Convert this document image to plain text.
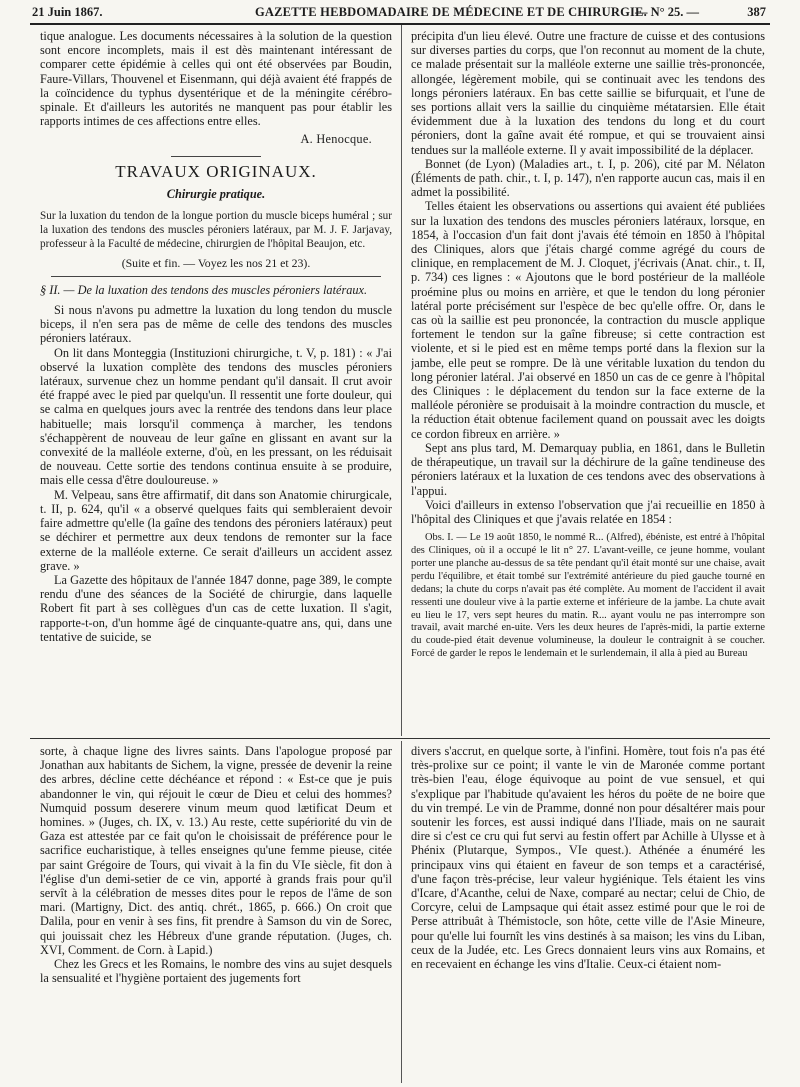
21 Juin 1867.	GAZETTE HEBDOMADAIRE DE MÉDECINE ET DE CHIRURGIE.
— N° 25. —	387

tique analogue. Les documents nécessaires à la solution de la question sont encore incomplets, mais il est dès maintenant intéressant de comparer cette épidémie à celles qui ont été observées par Boudin, Faure-Villars, Thouvenel et Eisenmann, qui déjà avaient été frappés de la coïncidence du typhus dysentérique et de la méningite cérébro-spinale. Et d'ailleurs les autorités ne manquent pas pour établir les rapports intimes de ces affections entre elles.

A. Henocque.

TRAVAUX ORIGINAUX.
Chirurgie pratique.

Sur la luxation du tendon de la longue portion du muscle biceps huméral ; sur la luxation des tendons des muscles péroniers latéraux, par M. J. F. Jarjavay, professeur à la Faculté de médecine, chirurgien de l'hôpital Beaujon, etc.

(Suite et fin. — Voyez les nos 21 et 23).

§ II. — De la luxation des tendons des muscles péroniers latéraux.

Si nous n'avons pu admettre la luxation du long tendon du muscle biceps, il n'en sera pas de même de celle des tendons des muscles péroniers latéraux.

On lit dans Monteggia (Instituzioni chirurgiche, t. V, p. 181) : « J'ai observé la luxation complète des tendons des muscles péroniers latéraux, survenue chez un homme pendant qu'il dansait. Il crut avoir été frappé avec le pied par quelqu'un. Il ressentit une forte douleur, qui se calma en quelques jours avec la rentrée des tendons dans leur place habituelle; mais lorsqu'il commença à marcher, les tendons s'échappèrent de nouveau de leur gaîne en glissant en avant sur la convexité de la malléole externe, d'où, en les pressant, on les réduisait de nouveau. Cette sortie des tendons continua ensuite à se produire, mais elle cessa d'être douloureuse. »

M. Velpeau, sans être affirmatif, dit dans son Anatomie chirurgicale, t. II, p. 624, qu'il « a observé quelques faits qui sembleraient devoir faire admettre qu'elle (la gaîne des tendons des péroniers latéraux) peut se déchirer et permettre aux deux tendons de remonter sur la face externe de la malléole externe. Ce serait d'ailleurs un accident assez grave. »

La Gazette des hôpitaux de l'année 1847 donne, page 389, le compte rendu d'une des séances de la Société de chirurgie, dans laquelle Robert fit part à ses collègues d'un cas de cette luxation. Il s'agit, rapporte-t-on, d'un homme âgé de cinquante-quatre ans, qui, dans une tentative de suicide, se

précipita d'un lieu élevé. Outre une fracture de cuisse et des contusions sur diverses parties du corps, que l'on reconnut au moment de la chute, ce malade présentait sur la malléole externe une saillie très-prononcée, allongée, légèrement mobile, qui se continuait avec les tendons des longs péroniers latéraux. En bas cette saillie se bifurquait, et l'une de ses portions allait vers la saillie du cinquième métatarsien. Elle était évidemment due à la luxation des tendons du long et du court péroniers, dont la gaîne avait été rompue, et qui se trouvaient ainsi tendues sur la malléole externe. Il y avait impossibilité de la déplacer.

Bonnet (de Lyon) (Maladies art., t. I, p. 206), cité par M. Nélaton (Éléments de path. chir., t. I, p. 147), n'en rapporte aucun cas, mais il en admet la possibilité.

Telles étaient les observations ou assertions qui avaient été publiées sur la luxation des tendons des muscles péroniers latéraux, lorsque, en 1854, à l'occasion d'un fait dont j'avais été témoin en 1850 à l'hôpital des Cliniques, alors que j'étais chargé comme agrégé du cours de clinique, en remplacement de M. J. Cloquet, j'écrivais (Anat. chir., t. II, p. 734) ces lignes : « Ajoutons que le bord postérieur de la malléole proémine plus ou moins en arrière, et que le tendon du long péronier latéral porte précisément sur l'espèce de bec qu'elle offre. Or, dans le cas où la saillie est peu prononcée, la contraction du muscle applique fortement le tendon sur la gaîne fibreuse; si cette contraction est violente, et si le pied est en même temps porté dans la flexion sur la jambe, elle peut se rompre. De là une véritable luxation du tendon du long péronier latéral. J'ai observé en 1850 un cas de ce genre à l'hôpital des Cliniques : le déplacement du tendon sur la face externe de la malléole péronière se produisait à la moindre contraction du muscle, et la réduction était obtenue facilement quand on poussait avec les doigts ce cordon fibreux en arrière. »

Sept ans plus tard, M. Demarquay publia, en 1861, dans le Bulletin de thérapeutique, un travail sur la déchirure de la gaîne tendineuse des péroniers latéraux et la luxation de ces tendons avec des observations à l'appui.

Voici d'ailleurs in extenso l'observation que j'ai recueillie en 1850 à l'hôpital des Cliniques et que j'avais relatée en 1854 :

Obs. I. — Le 19 août 1850, le nommé R... (Alfred), ébéniste, est entré à l'hôpital des Cliniques, où il a occupé le lit n° 27. L'avant-veille, ce jeune homme, voulant porter une planche au-dessus de sa tête pendant qu'il était monté sur une chaise, avait perdu l'équilibre, et était tombé sur l'extrémité antérieure du pied gauche tourné en dedans; la chute du corps n'avait pas été complète. Au moment de l'accident il avait ressenti une douleur vive à la partie externe et inférieure de la jambe. La chute avait eu lieu le 17, vers sept heures du matin. R... ayant voulu ne pas interrompre son travail, avait marché en-uite. Vers les deux heures de l'après-midi, la partie externe du coude-pied était devenue volumineuse, la douleur le contraignit à se coucher. Forcé de garder le repos le lendemain et le surlendemain, il alla à pied au Bureau

sorte, à chaque ligne des livres saints. Dans l'apologue proposé par Jonathan aux habitants de Sichem, la vigne, pressée de devenir la reine des arbres, décline cette déchéance et répond : « Est-ce que je puis abandonner le vin, qui réjouit le cœur de Dieu et celui des hommes? Numquid possum deserere vinum meum quod lætificat Deum et homines. » (Juges, ch. IX, v. 13.) Au reste, cette supériorité du vin de Gaza est attestée par ce fait qu'on le choisissait de préférence pour le sacrifice eucharistique, à telles enseignes qu'une femme pieuse, citée par saint Grégoire de Tours, qui vivait à la fin du VIe siècle, fit don à l'église d'un demi-setier de ce vin, apporté à grands frais pour qu'il servît à la célébration de messes dites pour le repos de l'âme de son mari. (Martigny, Dict. des antiq. chrét., 1865, p. 666.) On croit que Dalila, pour en venir à ses fins, fit prendre à Samson du vin de Sorec, qui jouissait chez les Hébreux d'une grande réputation. (Juges, ch. XVI, Comment. de Corn. à Lapid.)

Chez les Grecs et les Romains, le nombre des vins au sujet desquels la sensualité et l'hygiène portaient des jugements fort

divers s'accrut, en quelque sorte, à l'infini. Homère, tout fois n'a pas été très-prolixe sur ce point; il vante le vin de Maronée comme portant très-bien l'eau, éloge équivoque au point de vue sensuel, et qui s'explique par l'habitude qu'avaient les héros du poëte de ne boire que du vin trempé. Le vin de Pramme, donné non pour désaltérer mais pour soutenir les forces, est aussi indiqué dans l'Iliade, mais on ne saurait dire si c'est ce cru qui fut servi au festin offert par Achille à Ulysse et à Phénix (Plutarque, Sympos., VIe quest.). Athénée a énuméré les principaux vins qui étaient en faveur de son temps et a caractérisé, d'une façon très-précise, leur valeur hygiénique. Tels étaient les vins d'Icare, d'Acanthe, celui de Naxe, comparé au nectar; celui de Chio, de Corcyre, celui de Lampsaque qui était assez estimé pour que le roi de Perse attribuât à Thémistocle, son hôte, cette ville de l'Asie Mineure, pour qu'elle lui fournît les vins destinés à sa maison; les vins du Liban, ceux de la Judée, etc. Les Grecs donnaient leurs vins aux Romains, et en recevaient en échange les vins d'Italie. Ceux-ci étaient nom-
